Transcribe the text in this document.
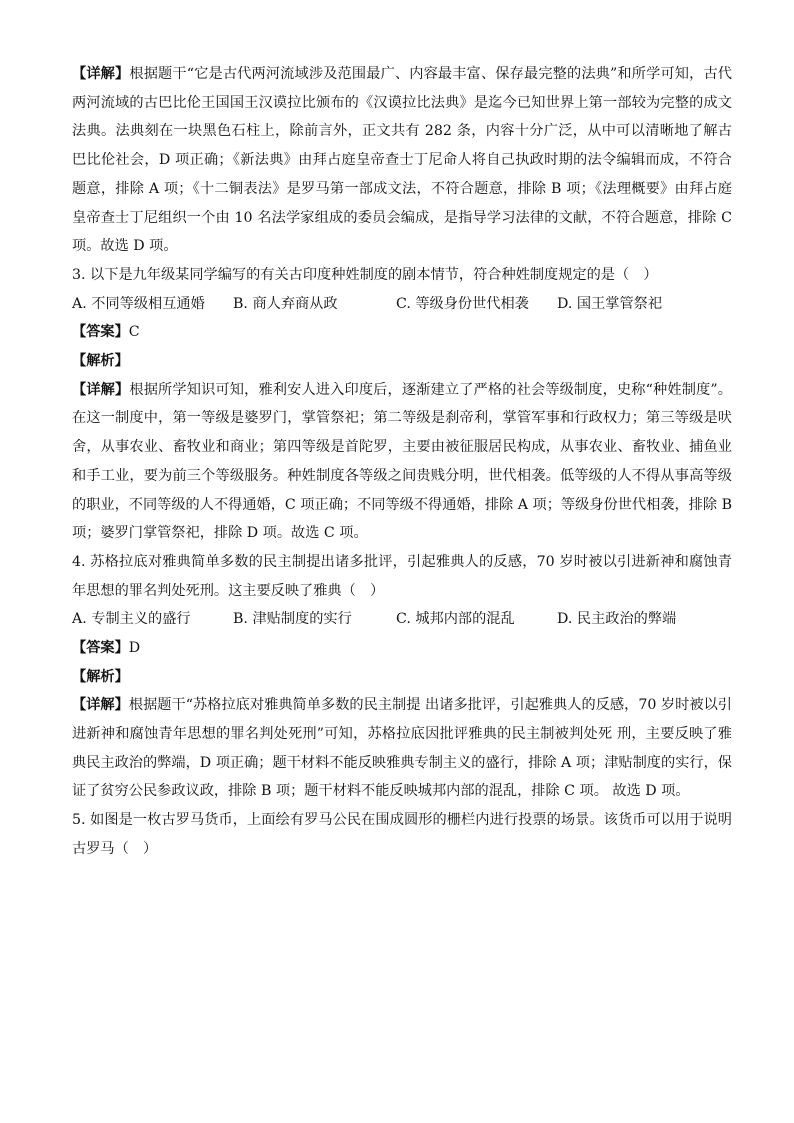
【详解】根据题干“它是古代两河流域涉及范围最广、内容最丰富、保存最完整的法典”和所学可知，古代两河流域的古巴比伦王国国王汉谟拉比颁布的《汉谟拉比法典》是迄今已知世界上第一部较为完整的成文法典。法典刻在一块黑色石柱上，除前言外，正文共有 282 条，内容十分广泛，从中可以清晰地了解古巴比伦社会，D 项正确；《新法典》由拜占庭皇帝查士丁尼命人将自己执政时期的法令编辑而成，不符合题意，排除 A 项；《十二铜表法》是罗马第一部成文法，不符合题意，排除 B 项；《法理概要》由拜占庭皇帝查士丁尼组织一个由 10 名法学家组成的委员会编成，是指导学习法律的文献，不符合题意，排除 C 项。故选 D 项。
3. 以下是九年级某同学编写的有关古印度种姓制度的剧本情节，符合种姓制度规定的是（　）
A. 不同等级相互通婚	B. 商人弃商从政	C. 等级身份世代相袭	D. 国王掌管祭祀
【答案】C
【解析】
【详解】根据所学知识可知，雅利安人进入印度后，逐渐建立了严格的社会等级制度，史称“种姓制度”。在这一制度中，第一等级是婆罗门，掌管祭祀；第二等级是刹帝利，掌管军事和行政权力；第三等级是吠舍，从事农业、畜牧业和商业；第四等级是首陀罗，主要由被征服居民构成，从事农业、畜牧业、捕鱼业和手工业，要为前三个等级服务。种姓制度各等级之间贵贱分明，世代相袭。低等级的人不得从事高等级的职业，不同等级的人不得通婚，C 项正确；不同等级不得通婚，排除 A 项；等级身份世代相袭，排除 B 项；婆罗门掌管祭祀，排除 D 项。故选 C 项。
4. 苏格拉底对雅典简单多数的民主制提出诸多批评，引起雅典人的反感，70 岁时被以引进新神和腐蚀青年思想的罪名判处死刑。这主要反映了雅典（　）
A. 专制主义的盛行	B. 津贴制度的实行	C. 城邦内部的混乱	D. 民主政治的弊端
【答案】D
【解析】
【详解】根据题干“苏格拉底对雅典简单多数的民主制提 出诸多批评，引起雅典人的反感，70 岁时被以引进新神和腐蚀青年思想的罪名判处死刑”可知，苏格拉底因批评雅典的民主制被判处死 刑，主要反映了雅典民主政治的弊端，D 项正确；题干材料不能反映雅典专制主义的盛行，排除 A 项；津贴制度的实行，保证了贫穷公民参政议政，排除 B 项；题干材料不能反映城邦内部的混乱，排除 C 项。 故选 D 项。
5. 如图是一枚古罗马货币，上面绘有罗马公民在围成圆形的栅栏内进行投票的场景。该货币可以用于说明古罗马（　）
